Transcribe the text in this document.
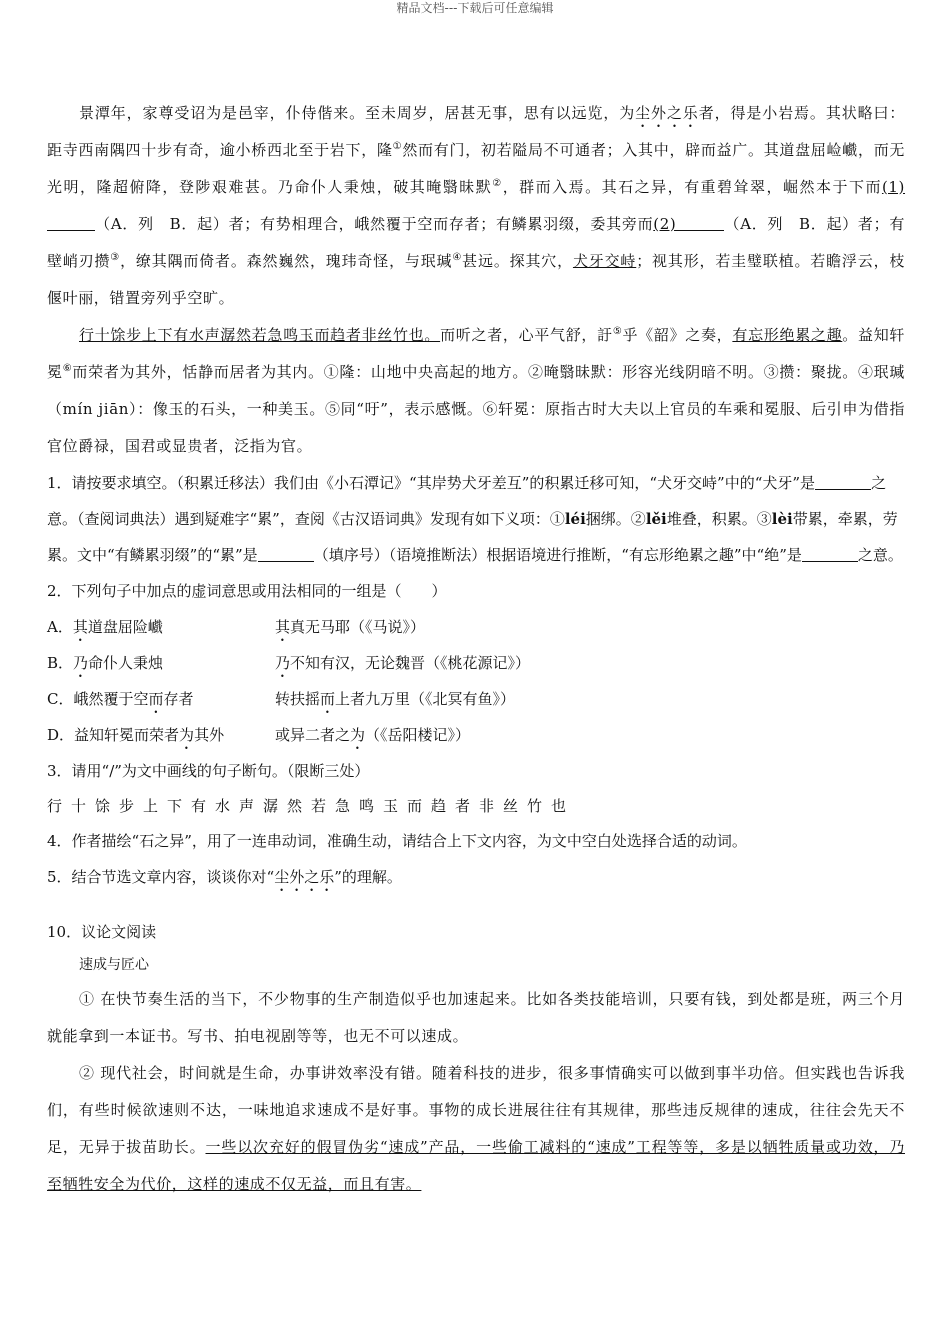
精品文档---下载后可任意编辑

景潭年，家尊受诏为是邑宰，仆侍偕来。至未周岁，居甚无事，思有以远览，为尘外之乐者，得是小岩焉。其状略曰：距寺西南隅四十步有奇，逾小桥西北至于岩下，隆①然而有门，初若隘局不可通者；入其中，辟而益广。其道盘屈崄巇，而无光明，隆超俯降，登陟艰难甚。乃命仆人秉烛，破其晻翳昧默②，群而入焉。其石之异，有重碧耸翠，崛然本于下而(1)（A．列　B．起）者；有势相理合，峨然覆于空而存者；有鳞累羽缀，委其旁而(2)	（A．列　B．起）者；有壁峭刃攒③，缭其隅而倚者。森然巍然，瑰玮奇怪，与珉瑊④甚远。探其穴，犬牙交峙；视其形，若圭璧联植。若瞻浮云，枝偃叶丽，错置旁列乎空旷。

行十馀步上下有水声潺然若急鸣玉而趋者非丝竹也。而听之者，心平气舒，訏⑤乎《韶》之奏，有忘形绝累之趣。益知轩冕⑥而荣者为其外，恬静而居者为其内。①隆：山地中央高起的地方。②晻翳昧默：形容光线阴暗不明。③攒：聚拢。④珉瑊（mín jiān）：像玉的石头，一种美玉。⑤同“吁”，表示感慨。⑥轩冕：原指古时大夫以上官员的车乘和冕服、后引申为借指官位爵禄，国君或显贵者，泛指为官。

1．请按要求填空。（积累迁移法）我们由《小石潭记》“其岸势犬牙差互”的积累迁移可知，“犬牙交峙”中的“犬牙”是	之意。（查阅词典法）遇到疑难字“累”，查阅《古汉语词典》发现有如下义项：①léi捆绑。②lěi堆叠，积累。③lèi带累，牵累，劳累。文中“有鳞累羽缀”的“累”是	（填序号）（语境推断法）根据语境进行推断，“有忘形绝累之趣”中“绝”是	之意。

2．下列句子中加点的虚词意思或用法相同的一组是（　　）

A．其道盘屈险巇	其真无马耶（《马说》）
B．乃命仆人秉烛	乃不知有汉，无论魏晋（《桃花源记》）
C．峨然覆于空而存者	转扶摇而上者九万里（《北冥有鱼》）
D．益知轩冕而荣者为其外	或异二者之为（《岳阳楼记》）

3．请用“/”为文中画线的句子断句。（限断三处）

行十馀步上下有水声潺然若急鸣玉而趋者非丝竹也

4．作者描绘“石之异”，用了一连串动词，准确生动，请结合上下文内容，为文中空白处选择合适的动词。

5．结合节选文章内容，谈谈你对“尘外之乐”的理解。

10．议论文阅读

速成与匠心

① 在快节奏生活的当下，不少物事的生产制造似乎也加速起来。比如各类技能培训，只要有钱，到处都是班，两三个月就能拿到一本证书。写书、拍电视剧等等，也无不可以速成。

② 现代社会，时间就是生命，办事讲效率没有错。随着科技的进步，很多事情确实可以做到事半功倍。但实践也告诉我们，有些时候欲速则不达，一味地追求速成不是好事。事物的成长进展往往有其规律，那些违反规律的速成，往往会先天不足，无异于拔苗助长。一些以次充好的假冒伪劣“速成”产品，一些偷工减料的“速成”工程等等，多是以牺牲质量或功效，乃至牺牲安全为代价，这样的速成不仅无益，而且有害。
